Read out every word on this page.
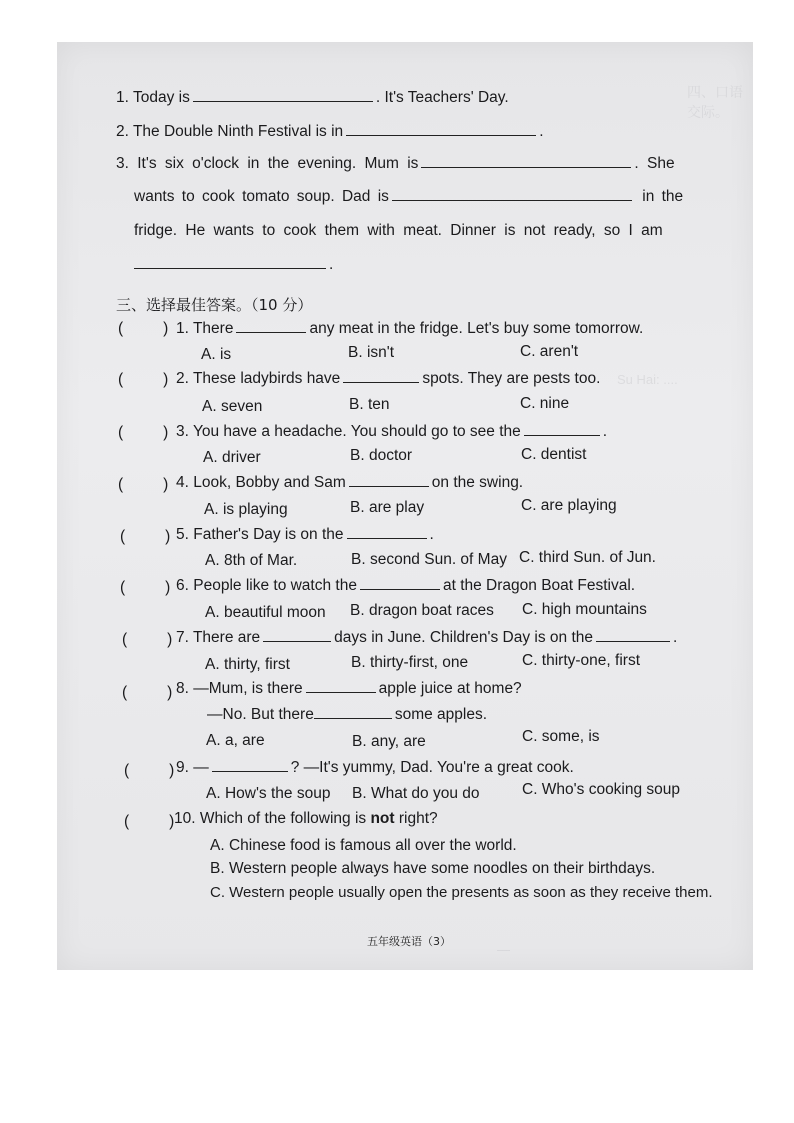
四、口语交际。
Su Hai: ....
—
1. Today is	. It's Teachers' Day.
2. The Double Ninth Festival is in	.
3. It's six o'clock in the evening. Mum is	. She
wants to cook tomato soup. Dad is	in the
fridge. He wants to cook them with meat. Dinner is not ready, so I am
.
三、选择最佳答案。（10 分）
(	) 1. There	any meat in the fridge. Let's buy some tomorrow.
A. is	B. isn't	C. aren't
(	) 2. These ladybirds have	spots. They are pests too.
A. seven	B. ten	C. nine
(	) 3. You have a headache. You should go to see the	.
A. driver	B. doctor	C. dentist
(	) 4. Look, Bobby and Sam	on the swing.
A. is playing	B. are play	C. are playing
(	) 5. Father's Day is on the	.
A. 8th of Mar.	B. second Sun. of May C. third Sun. of Jun.
(	) 6. People like to watch the	at the Dragon Boat Festival.
A. beautiful moon B. dragon boat races C. high mountains
(	) 7. There are	days in June. Children's Day is on the	.
A. thirty, first	B. thirty-first, one	C. thirty-one, first
(	) 8. —Mum, is there	apple juice at home?
—No. But there	some apples.
A. a, are	B. any, are	C. some, is
(	) 9. —	? —It's yummy, Dad. You're a great cook.
A. How's the soup B. What do you do	C. Who's cooking soup
(	) 10. Which of the following is not right?
A. Chinese food is famous all over the world.
B. Western people always have some noodles on their birthdays.
C. Western people usually open the presents as soon as they receive them.
五年级英语（3）
